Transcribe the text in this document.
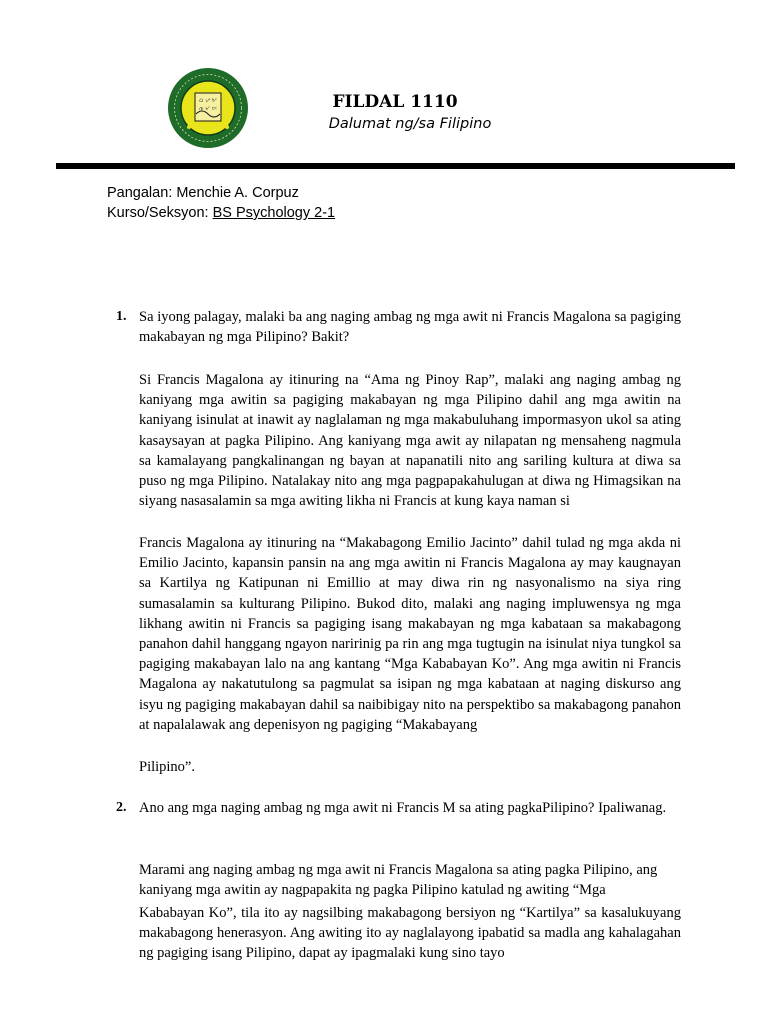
ᜊ ᜌ ᜀ
ᜈ ᜋ ᜇ	FILDAL 1110
Dalumat ng/sa Filipino
Pangalan: Menchie A. Corpuz
Kurso/Seksyon: BS Psychology 2-1
1. Sa iyong palagay, malaki ba ang naging ambag ng mga awit ni Francis Magalona sa pagiging makabayan ng mga Pilipino? Bakit?

Si Francis Magalona ay itinuring na “Ama ng Pinoy Rap”, malaki ang naging ambag ng kaniyang mga awitin sa pagiging makabayan ng mga Pilipino dahil ang mga awitin na kaniyang isinulat at inawit ay naglalaman ng mga makabuluhang impormasyon ukol sa ating kasaysayan at pagka Pilipino. Ang kaniyang mga awit ay nilapatan ng mensaheng nagmula sa kamalayang pangkalinangan ng bayan at napanatili nito ang sariling kultura at diwa sa puso ng mga Pilipino. Natalakay nito ang mga pagpapakahulugan at diwa ng Himagsikan na siyang nasasalamin sa mga awiting likha ni Francis at kung kaya naman si

Francis Magalona ay itinuring na “Makabagong Emilio Jacinto” dahil tulad ng mga akda ni Emilio Jacinto, kapansin pansin na ang mga awitin ni Francis Magalona ay may kaugnayan sa Kartilya ng Katipunan ni Emillio at may diwa rin ng nasyonalismo na siya ring sumasalamin sa kulturang Pilipino. Bukod dito, malaki ang naging impluwensya ng mga likhang awitin ni Francis sa pagiging isang makabayan ng mga kabataan sa makabagong panahon dahil hanggang ngayon naririnig pa rin ang mga tugtugin na isinulat niya tungkol sa pagiging makabayan lalo na ang kantang “Mga Kababayan Ko”. Ang mga awitin ni Francis Magalona ay nakatutulong sa pagmulat sa isipan ng mga kabataan at naging diskurso ang isyu ng pagiging makabayan dahil sa naibibigay nito na perspektibo sa makabagong panahon at napalalawak ang depenisyon ng pagiging “Makabayang

Pilipino”.

2. Ano ang mga naging ambag ng mga awit ni Francis M sa ating pagkaPilipino? Ipaliwanag.

Marami ang naging ambag ng mga awit ni Francis Magalona sa ating pagka Pilipino, ang kaniyang mga awitin ay nagpapakita ng pagka Pilipino katulad ng awiting “Mga

Kababayan Ko”, tila ito ay nagsilbing makabagong bersiyon ng “Kartilya” sa kasalukuyang makabagong henerasyon. Ang awiting ito ay naglalayong ipabatid sa madla ang kahalagahan ng pagiging isang Pilipino, dapat ay ipagmalaki kung sino tayo
